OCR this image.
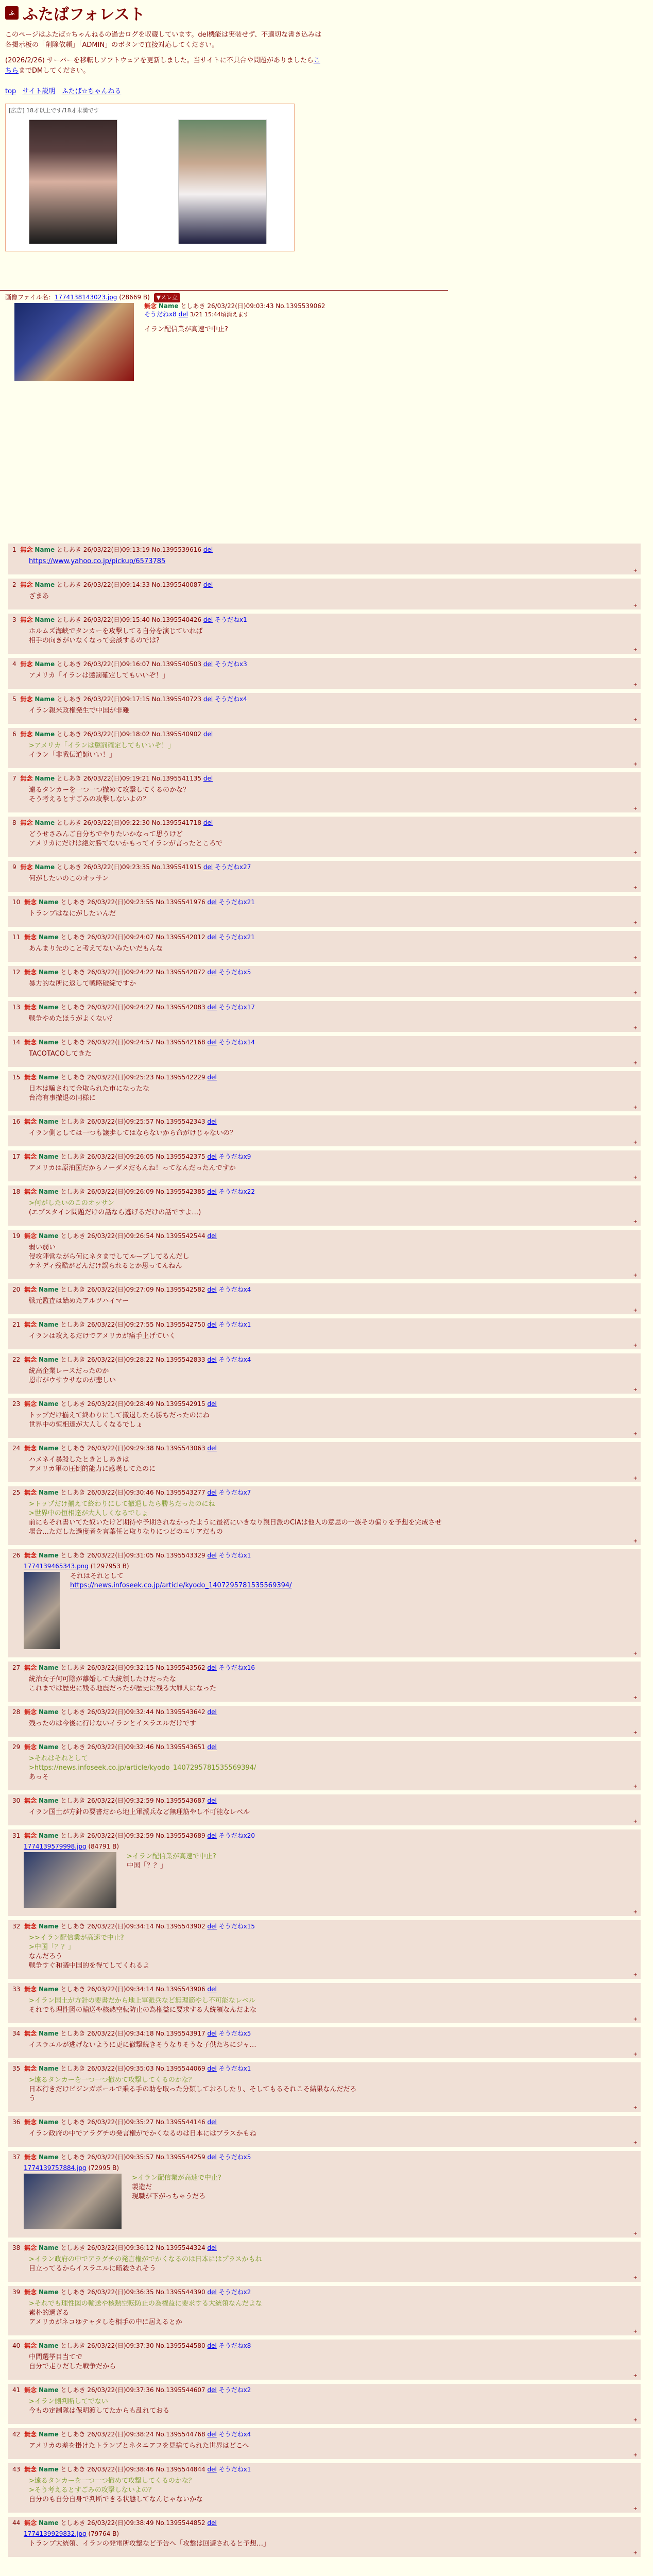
ふ ふたばフォレスト
このページはふたば☆ちゃんねるの過去ログを収蔵しています。del機能は実装せず、不適切な書き込みは各掲示板の「削除依頼」「ADMIN」のボタンで直接対応してください。
(2026/2/26) サーバーを移転しソフトウェアを更新しました。当サイトに不具合や問題がありましたらこちらまでDMしてください。
top サイト説明 ふたば☆ちゃんねる
[広告] 18才以上です/18才未満です
画像ファイル名：1774138143023.jpg (28669 B) ▼スレ立
無念 Name としあき 26/03/22(日)09:03:43 No.1395539062
そうだねx8 del 3/21 15:44頃消えます
イラン配信業が高速で中止?
1 無念 Name としあき 26/03/22(日)09:13:19 No.1395539616 del
https://www.yahoo.co.jp/pickup/6573785
+
2 無念 Name としあき 26/03/22(日)09:14:33 No.1395540087 del
ざまあ
+
3 無念 Name としあき 26/03/22(日)09:15:40 No.1395540426 del そうだねx1
ホルムズ海峡でタンカーを攻撃してる自分を演じていれば
相手の向きがいなくなって会談するのでは?
+
4 無念 Name としあき 26/03/22(日)09:16:07 No.1395540503 del そうだねx3
アメリカ「イランは懲罰確定してもいいぞ！」
+
5 無念 Name としあき 26/03/22(日)09:17:15 No.1395540723 del そうだねx4
イラン親米政権発生で中国が非難
+
6 無念 Name としあき 26/03/22(日)09:18:02 No.1395540902 del
>アメリカ「イランは懲罰確定してもいいぞ！」
イラン「非戦伝道師いい！」
+
7 無念 Name としあき 26/03/22(日)09:19:21 No.1395541135 del
遠るタンカーを一つ一つ撤めて攻撃してくるのかな？
そう考えるとすごみの攻撃しないよの？
+
8 無念 Name としあき 26/03/22(日)09:22:30 No.1395541718 del
どうせさみんご自分ちでやりたいかなって思うけど
アメリカにだけは絶対勝てないかもってイランが言ったところで
+
9 無念 Name としあき 26/03/22(日)09:23:35 No.1395541915 del そうだねx27
何がしたいのこのオッサン
+
10 無念 Name としあき 26/03/22(日)09:23:55 No.1395541976 del そうだねx21
トランプはなにがしたいんだ
+
11 無念 Name としあき 26/03/22(日)09:24:07 No.1395542012 del そうだねx21
あんまり先のこと考えてないみたいだもんな
+
12 無念 Name としあき 26/03/22(日)09:24:22 No.1395542072 del そうだねx5
暴力的な所に返して戦略破綻ですか
+
13 無念 Name としあき 26/03/22(日)09:24:27 No.1395542083 del そうだねx17
戦争やめたほうがよくない？
+
14 無念 Name としあき 26/03/22(日)09:24:57 No.1395542168 del そうだねx14
TACOTACOしてきた
+
15 無念 Name としあき 26/03/22(日)09:25:23 No.1395542229 del
日本は騙されて金取られた市になったな
台湾有事撤退の同様に
+
16 無念 Name としあき 26/03/22(日)09:25:57 No.1395542343 del
イラン側としては一つも譲歩してはならないから命がけじゃないの？
+
17 無念 Name としあき 26/03/22(日)09:26:05 No.1395542375 del そうだねx9
アメリカは原油国だからノーダメだもんね！ってなんだったんですか
+
18 無念 Name としあき 26/03/22(日)09:26:09 No.1395542385 del そうだねx22
>何がしたいのこのオッサン
(エプスタイン問題だけの話なら逃げるだけの話ですよ…)
+
19 無念 Name としあき 26/03/22(日)09:26:54 No.1395542544 del
弱い弱い
侵攻陣営ながら何にネタまでしてルーブしてるんだし
ケネディ残酷がどんだけ誤られるとか思ってんねん
+
20 無念 Name としあき 26/03/22(日)09:27:09 No.1395542582 del そうだねx4
戦元監査は始めたアルツハイマー
+
21 無念 Name としあき 26/03/22(日)09:27:55 No.1395542750 del そうだねx1
イランは攻えるだけでアメリカが痛手上げていく
+
22 無念 Name としあき 26/03/22(日)09:28:22 No.1395542833 del そうだねx4
統高企業レースだったのか
恩市がウサウサなのが悲しい
+
23 無念 Name としあき 26/03/22(日)09:28:49 No.1395542915 del
トップだけ揃えて終わりにして撤退したら勝ちだったのにね
世界中の恒相達が大人しくなるでしょ
+
24 無念 Name としあき 26/03/22(日)09:29:38 No.1395543063 del
ハメネイ暴殺したときとしあきは
アメリカ軍の圧倒的能力に感嘆してたのに
+
25 無念 Name としあき 26/03/22(日)09:30:46 No.1395543277 del そうだねx7
>トップだけ揃えて終わりにして撤退したら勝ちだったのにね
>世界中の恒相達が大人しくなるでしょ
前にもそれ書いてた奴いたけど期待や予期されなかったように最初にいきなり親日派のCIAは他人の意思の一族その偏りを予想を完成させ
場合…ただした過度者を言葉任と取りなりにつどのエリアだもの
+
26 無念 Name としあき 26/03/22(日)09:31:05 No.1395543329 del そうだねx1
1774139465343.png (1297953 B)
それはそれとして
https://news.infoseek.co.jp/article/kyodo_1407295781535569394/
+
27 無念 Name としあき 26/03/22(日)09:32:15 No.1395543562 del そうだねx16
統治女子何可陰が離婚して大統領したけだったな
これまでは歴史に残る地震だったが歴史に残る大罪人になった
+
28 無念 Name としあき 26/03/22(日)09:32:44 No.1395543642 del
残ったのは今後に行けないイランとイスラエルだけです
+
29 無念 Name としあき 26/03/22(日)09:32:46 No.1395543651 del
>それはそれとして
>https://news.infoseek.co.jp/article/kyodo_1407295781535569394/
あっそ
+
30 無念 Name としあき 26/03/22(日)09:32:59 No.1395543687 del
イラン国土が方針の要書だから地上軍派兵など無理筋やし不可能なレベル
+
31 無念 Name としあき 26/03/22(日)09:32:59 No.1395543689 del そうだねx20
1774139579998.jpg (84791 B)
>イラン配信業が高速で中止?
中国「？？」
+
32 無念 Name としあき 26/03/22(日)09:34:14 No.1395543902 del そうだねx15
>>イラン配信業が高速で中止?
>中国「？？」
なんだろう
戦争すぐ和議中国的を得てしてくれるよ
+
33 無念 Name としあき 26/03/22(日)09:34:14 No.1395543906 del
>イラン国土が方針の要書だから地上軍派兵など無理筋やし不可能なレベル
それでも理性図の輸送や核熱空転防止の為権益に要求する大統領なんだよな
+
34 無念 Name としあき 26/03/22(日)09:34:18 No.1395543917 del そうだねx5
イスラエルが逃げないように更に徹撃続きそうなりそうな子供たちにジャ…
+
35 無念 Name としあき 26/03/22(日)09:35:03 No.1395544069 del そうだねx1
>遠るタンカーを一つ一つ撤めて攻撃してくるのかな？
日本行きだけビジンガポールで乗る手の助を取った分類しておろしたり、そしてもるそれこそ結果なんだだろ
う
+
36 無念 Name としあき 26/03/22(日)09:35:27 No.1395544146 del
イラン政府の中でアラグチの発言権がでかくなるのは日本にはプラスかもね
+
37 無念 Name としあき 26/03/22(日)09:35:57 No.1395544259 del そうだねx5
1774139757884.jpg (72995 B)
>イラン配信業が高速で中止?
製造だ
現職が下がっちゃうだろ
+
38 無念 Name としあき 26/03/22(日)09:36:12 No.1395544324 del
>イラン政府の中でアラグチの発言権がでかくなるのは日本にはプラスかもね
目立ってるからイスラエルに暗殺されそう
+
39 無念 Name としあき 26/03/22(日)09:36:35 No.1395544390 del そうだねx2
>それでも理性図の輸送や核熱空転防止の為権益に要求する大統領なんだよな
素朴的過ぎる
アメリカがネコゆテャタしを相手の中に居えるとか
+
40 無念 Name としあき 26/03/22(日)09:37:30 No.1395544580 del そうだねx8
中間選挙目当てで
自分で走りだした戦争だから
+
41 無念 Name としあき 26/03/22(日)09:37:36 No.1395544607 del そうだねx2
>イラン側判断してでない
今もの定制隊は保明渡してたからも乱れておる
+
42 無念 Name としあき 26/03/22(日)09:38:24 No.1395544768 del そうだねx4
アメリカの差を掛けたトランプとネタニアフを見捨てられた世界はどこへ
+
43 無念 Name としあき 26/03/22(日)09:38:46 No.1395544844 del そうだねx1
>遠るタンカーを一つ一つ撤めて攻撃してくるのかな？
>そう考えるとすごみの攻撃しないよの？
自分のも自分自身で判断できる状態してなんじゃないかな
+
44 無念 Name としあき 26/03/22(日)09:38:49 No.1395544852 del
1774139929832.jpg (79764 B)
トランプ大統領、イランの発電所攻撃など予告へ「攻撃は回避されると予想…」
+
